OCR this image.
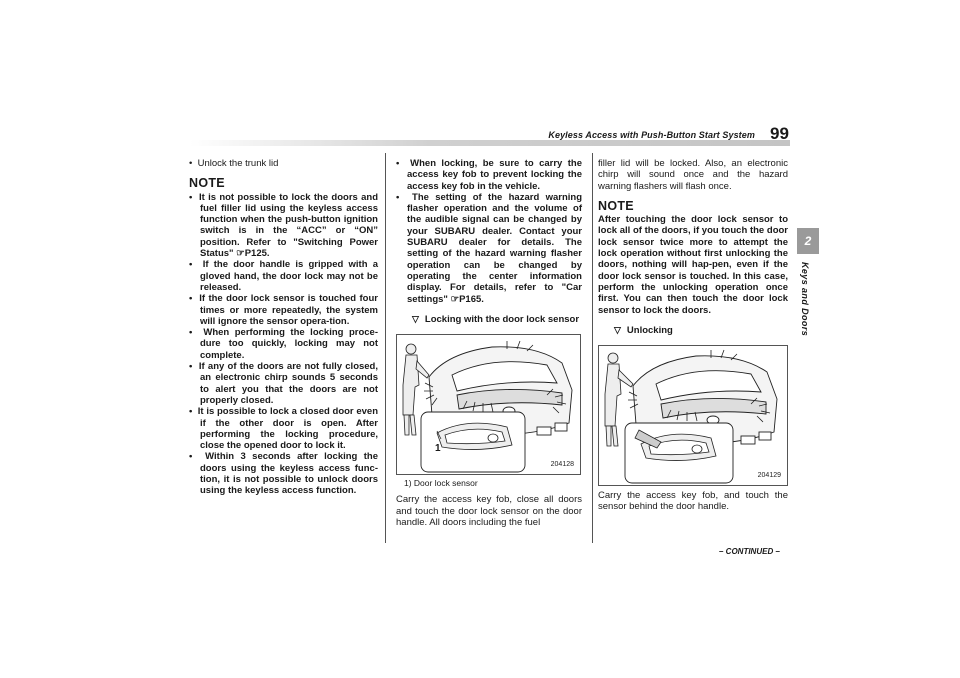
Keyless Access with Push-Button Start System 99
2
Keys and Doors

• Unlock the trunk lid

NOTE

• It is not possible to lock the doors and fuel filler lid using the keyless access function when the push-button ignition switch is in the “ACC” or “ON” position. Refer to "Switching Power Status" ☞P125.

• If the door handle is gripped with a gloved hand, the door lock may not be released.

• If the door lock sensor is touched four times or more repeatedly, the system will ignore the sensor opera-tion.

• When performing the locking proce-dure too quickly, locking may not complete.

• If any of the doors are not fully closed, an electronic chirp sounds 5 seconds to alert you that the doors are not properly closed.

• It is possible to lock a closed door even if the other door is open. After performing the locking procedure, close the opened door to lock it.

• Within 3 seconds after locking the doors using the keyless access func-tion, it is not possible to unlock doors using the keyless access function.

• When locking, be sure to carry the access key fob to prevent locking the access key fob in the vehicle.

• The setting of the hazard warning flasher operation and the volume of the audible signal can be changed by your SUBARU dealer. Contact your SUBARU dealer for details. The setting of the hazard warning flasher operation can be changed by operating the center information display. For details, refer to "Car settings" ☞P165.

▽ Locking with the door lock sensor
1
204128
1) Door lock sensor

Carry the access key fob, close all doors and touch the door lock sensor on the door handle. All doors including the fuel

filler lid will be locked. Also, an electronic chirp will sound once and the hazard warning flashers will flash once.

NOTE

After touching the door lock sensor to lock all of the doors, if you touch the door lock sensor twice more to attempt the lock operation without first unlocking the doors, nothing will hap-pen, even if the door lock sensor is touched. In this case, perform the unlocking operation once first. You can then touch the door lock sensor to lock the doors.

▽ Unlocking
204129

Carry the access key fob, and touch the sensor behind the door handle.

– CONTINUED –
